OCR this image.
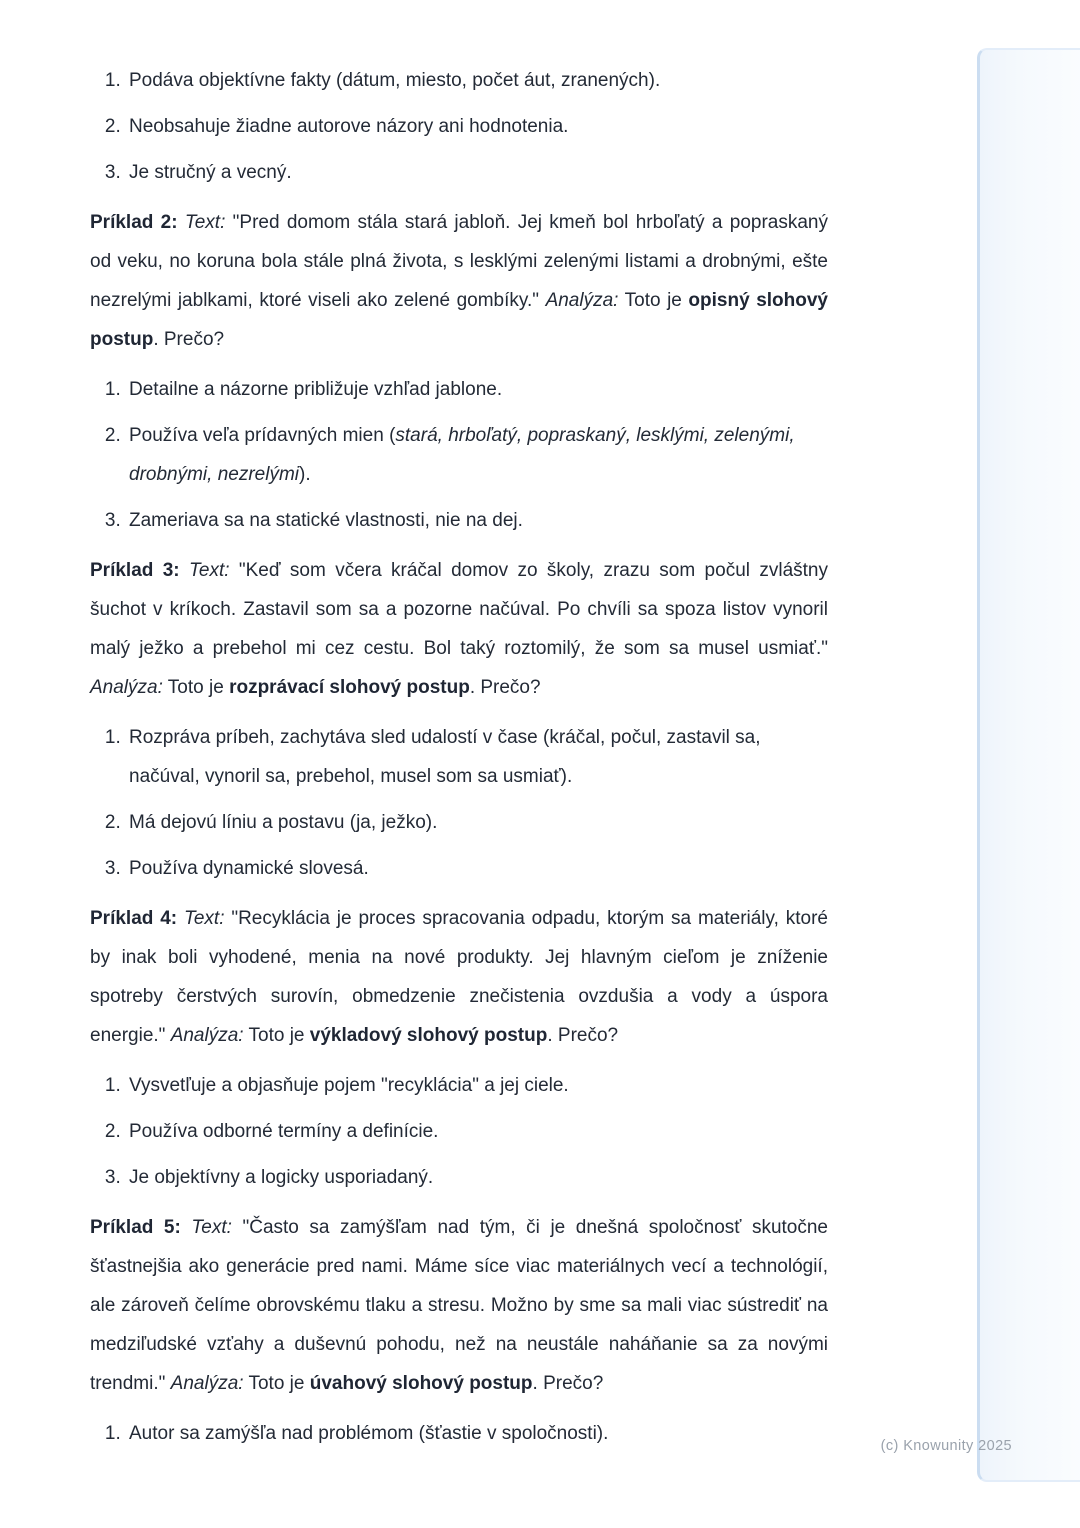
1. Podáva objektívne fakty (dátum, miesto, počet áut, zranených).
2. Neobsahuje žiadne autorove názory ani hodnotenia.
3. Je stručný a vecný.

Príklad 2: Text: "Pred domom stála stará jabloň. Jej kmeň bol hrboľatý a popraskaný od veku, no koruna bola stále plná života, s lesklými zelenými listami a drobnými, ešte nezrelými jablkami, ktoré viseli ako zelené gombíky." Analýza: Toto je opisný slohový postup. Prečo?

1. Detailne a názorne približuje vzhľad jablone.
2. Používa veľa prídavných mien (stará, hrboľatý, popraskaný, lesklými, zelenými, drobnými, nezrelými).
3. Zameriava sa na statické vlastnosti, nie na dej.

Príklad 3: Text: "Keď som včera kráčal domov zo školy, zrazu som počul zvláštny šuchot v kríkoch. Zastavil som sa a pozorne načúval. Po chvíli sa spoza listov vynoril malý ježko a prebehol mi cez cestu. Bol taký roztomilý, že som sa musel usmiať." Analýza: Toto je rozprávací slohový postup. Prečo?

1. Rozpráva príbeh, zachytáva sled udalostí v čase (kráčal, počul, zastavil sa, načúval, vynoril sa, prebehol, musel som sa usmiať).
2. Má dejovú líniu a postavu (ja, ježko).
3. Používa dynamické slovesá.

Príklad 4: Text: "Recyklácia je proces spracovania odpadu, ktorým sa materiály, ktoré by inak boli vyhodené, menia na nové produkty. Jej hlavným cieľom je zníženie spotreby čerstvých surovín, obmedzenie znečistenia ovzdušia a vody a úspora energie." Analýza: Toto je výkladový slohový postup. Prečo?

1. Vysvetľuje a objasňuje pojem "recyklácia" a jej ciele.
2. Používa odborné termíny a definície.
3. Je objektívny a logicky usporiadaný.

Príklad 5: Text: "Často sa zamýšľam nad tým, či je dnešná spoločnosť skutočne šťastnejšia ako generácie pred nami. Máme síce viac materiálnych vecí a technológií, ale zároveň čelíme obrovskému tlaku a stresu. Možno by sme sa mali viac sústrediť na medziľudské vzťahy a duševnú pohodu, než na neustále naháňanie sa za novými trendmi." Analýza: Toto je úvahový slohový postup. Prečo?

1. Autor sa zamýšľa nad problémom (šťastie v spoločnosti).
(c) Knowunity 2025
